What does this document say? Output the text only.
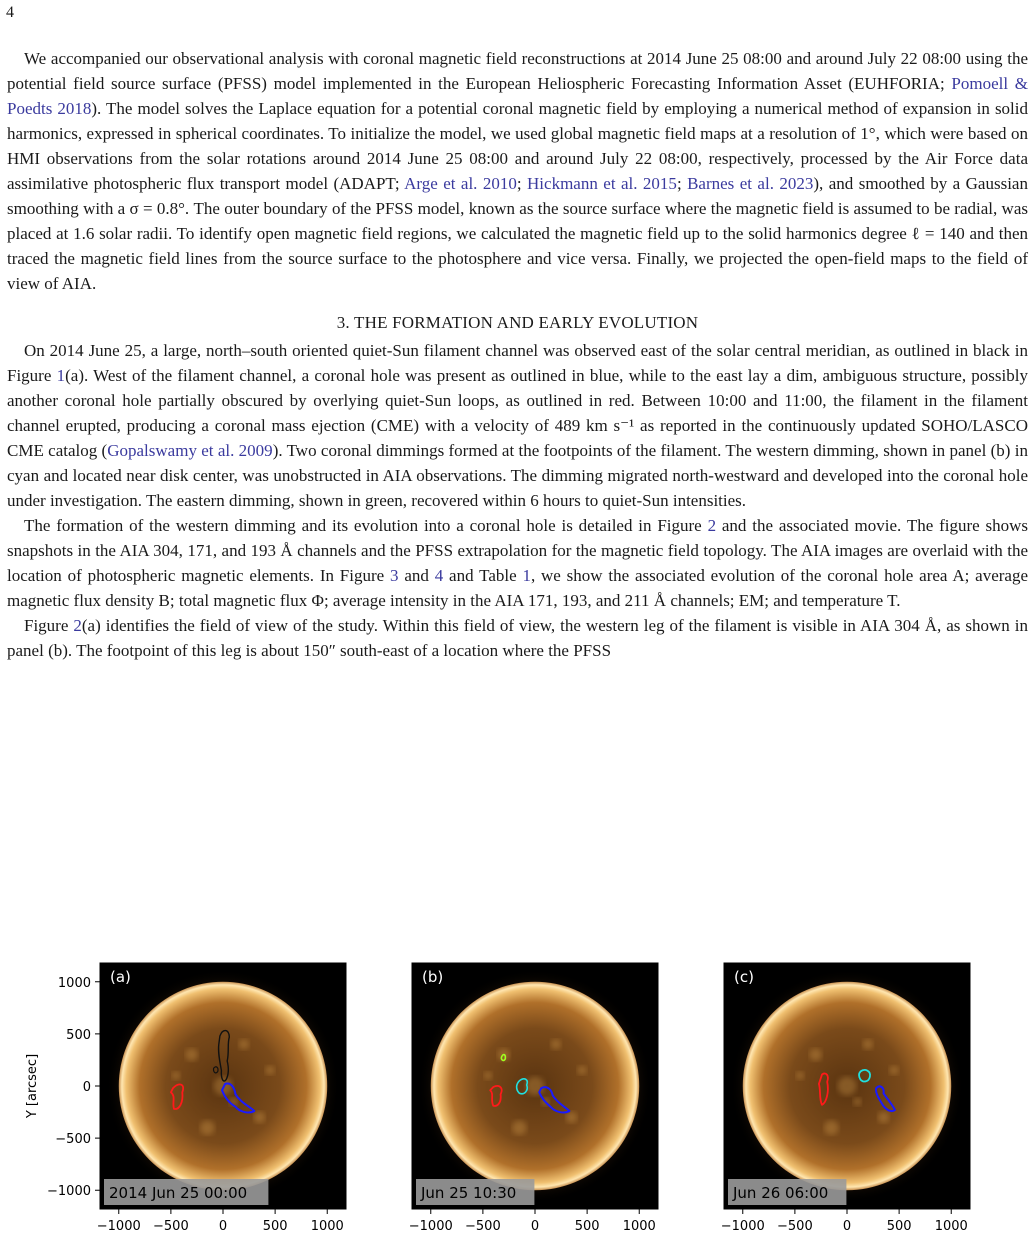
4

We accompanied our observational analysis with coronal magnetic field reconstructions at 2014 June 25 08:00 and around July 22 08:00 using the potential field source surface (PFSS) model implemented in the European Heliospheric Forecasting Information Asset (EUHFORIA; Pomoell & Poedts 2018). The model solves the Laplace equation for a potential coronal magnetic field by employing a numerical method of expansion in solid harmonics, expressed in spherical coordinates. To initialize the model, we used global magnetic field maps at a resolution of 1°, which were based on HMI observations from the solar rotations around 2014 June 25 08:00 and around July 22 08:00, respectively, processed by the Air Force data assimilative photospheric flux transport model (ADAPT; Arge et al. 2010; Hickmann et al. 2015; Barnes et al. 2023), and smoothed by a Gaussian smoothing with a σ = 0.8°. The outer boundary of the PFSS model, known as the source surface where the magnetic field is assumed to be radial, was placed at 1.6 solar radii. To identify open magnetic field regions, we calculated the magnetic field up to the solid harmonics degree ℓ = 140 and then traced the magnetic field lines from the source surface to the photosphere and vice versa. Finally, we projected the open-field maps to the field of view of AIA.

3. THE FORMATION AND EARLY EVOLUTION

On 2014 June 25, a large, north–south oriented quiet-Sun filament channel was observed east of the solar central meridian, as outlined in black in Figure 1(a). West of the filament channel, a coronal hole was present as outlined in blue, while to the east lay a dim, ambiguous structure, possibly another coronal hole partially obscured by overlying quiet-Sun loops, as outlined in red. Between 10:00 and 11:00, the filament in the filament channel erupted, producing a coronal mass ejection (CME) with a velocity of 489 km s⁻¹ as reported in the continuously updated SOHO/LASCO CME catalog (Gopalswamy et al. 2009). Two coronal dimmings formed at the footpoints of the filament. The western dimming, shown in panel (b) in cyan and located near disk center, was unobstructed in AIA observations. The dimming migrated north-westward and developed into the coronal hole under investigation. The eastern dimming, shown in green, recovered within 6 hours to quiet-Sun intensities.

The formation of the western dimming and its evolution into a coronal hole is detailed in Figure 2 and the associated movie. The figure shows snapshots in the AIA 304, 171, and 193 Å channels and the PFSS extrapolation for the magnetic field topology. The AIA images are overlaid with the location of photospheric magnetic elements. In Figure 3 and 4 and Table 1, we show the associated evolution of the coronal hole area A; average magnetic flux density B; total magnetic flux Φ; average intensity in the AIA 171, 193, and 211 Å channels; EM; and temperature T.

Figure 2(a) identifies the field of view of the study. Within this field of view, the western leg of the filament is visible in AIA 304 Å, as shown in panel (b). The footpoint of this leg is about 150″ south-east of a location where the PFSS

(a)
2014 Jun 25 00:00
−1000 −500 0	500 1000
1000
500
0
−500
−1000
Y [arcsec]
(b)
Jun 25 10:30
−1000 −500 0	500 1000
(c)
Jun 26 06:00
−1000 −500 0	500 1000
